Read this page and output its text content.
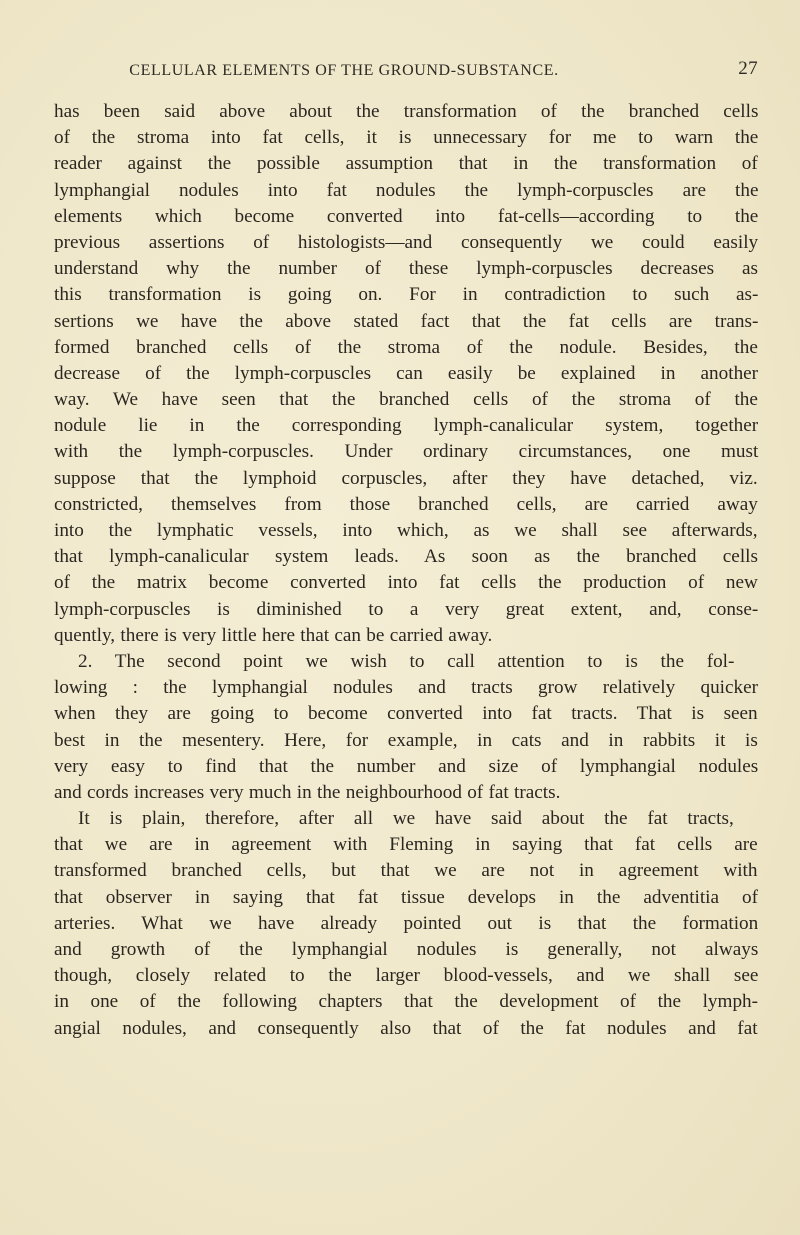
CELLULAR ELEMENTS OF THE GROUND-SUBSTANCE.	27
has been said above about the transformation of the branched cells
of the stroma into fat cells, it is unnecessary for me to warn the
reader against the possible assumption that in the transformation of
lymphangial nodules into fat nodules the lymph-corpuscles are the
elements which become converted into fat-cells—according to the
previous assertions of histologists—and consequently we could easily
understand why the number of these lymph-corpuscles decreases as
this transformation is going on. For in contradiction to such as-
sertions we have the above stated fact that the fat cells are trans-
formed branched cells of the stroma of the nodule. Besides, the
decrease of the lymph-corpuscles can easily be explained in another
way. We have seen that the branched cells of the stroma of the
nodule lie in the corresponding lymph-canalicular system, together
with the lymph-corpuscles. Under ordinary circumstances, one must
suppose that the lymphoid corpuscles, after they have detached, viz.
constricted, themselves from those branched cells, are carried away
into the lymphatic vessels, into which, as we shall see afterwards,
that lymph-canalicular system leads. As soon as the branched cells
of the matrix become converted into fat cells the production of new
lymph-corpuscles is diminished to a very great extent, and, conse-
quently, there is very little here that can be carried away.
2. The second point we wish to call attention to is the fol-
lowing : the lymphangial nodules and tracts grow relatively quicker
when they are going to become converted into fat tracts. That is seen
best in the mesentery. Here, for example, in cats and in rabbits it is
very easy to find that the number and size of lymphangial nodules
and cords increases very much in the neighbourhood of fat tracts.
It is plain, therefore, after all we have said about the fat tracts,
that we are in agreement with Fleming in saying that fat cells are
transformed branched cells, but that we are not in agreement with
that observer in saying that fat tissue develops in the adventitia of
arteries. What we have already pointed out is that the formation
and growth of the lymphangial nodules is generally, not always
though, closely related to the larger blood-vessels, and we shall see
in one of the following chapters that the development of the lymph-
angial nodules, and consequently also that of the fat nodules and fat
